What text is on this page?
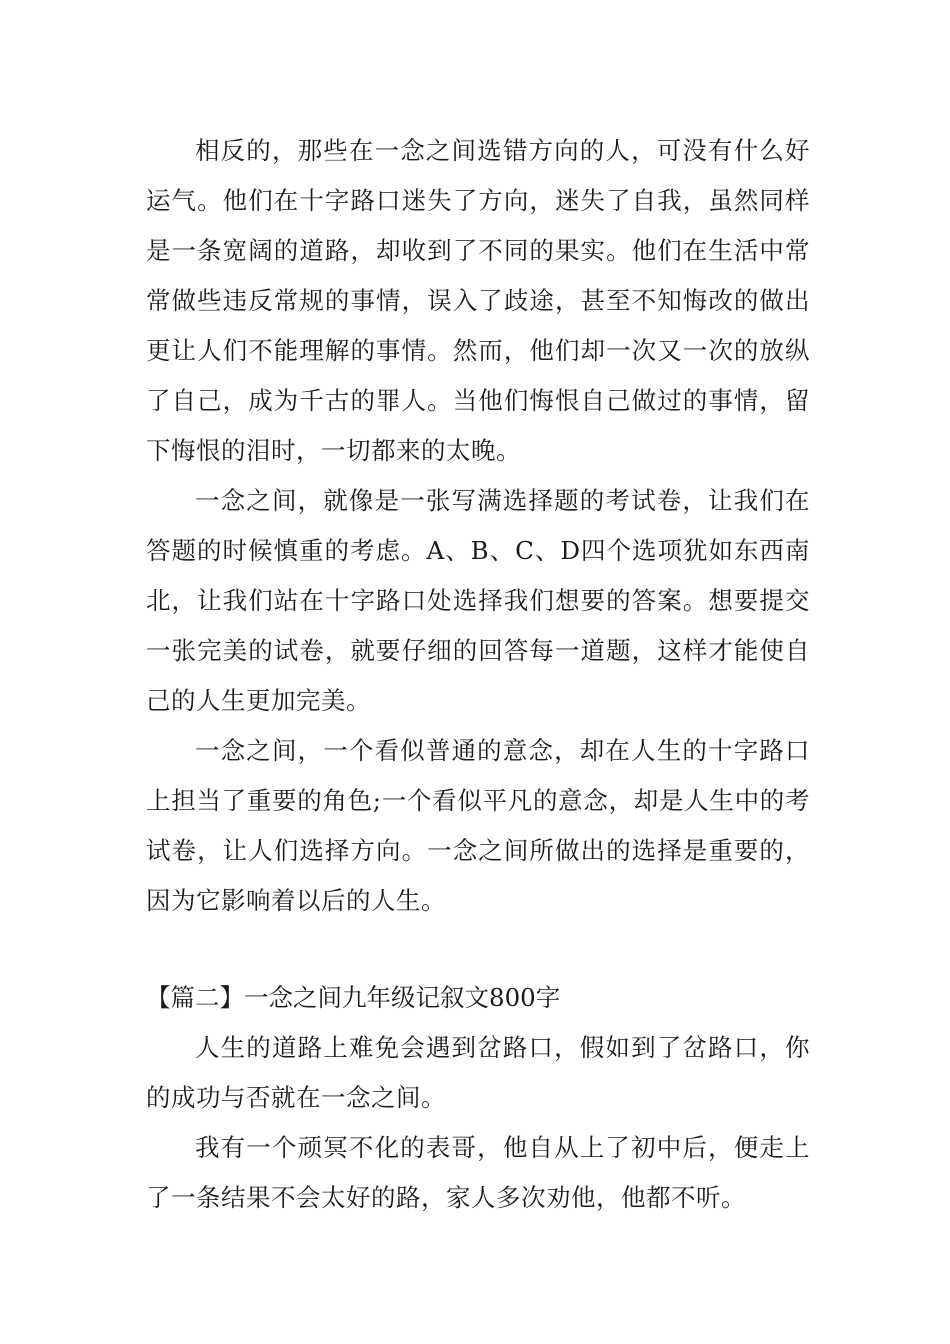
相反的，那些在一念之间选错方向的人，可没有什么好运气。他们在十字路口迷失了方向，迷失了自我，虽然同样是一条宽阔的道路，却收到了不同的果实。他们在生活中常常做些违反常规的事情，误入了歧途，甚至不知悔改的做出更让人们不能理解的事情。然而，他们却一次又一次的放纵了自己，成为千古的罪人。当他们悔恨自己做过的事情，留下悔恨的泪时，一切都来的太晚。

一念之间，就像是一张写满选择题的考试卷，让我们在答题的时候慎重的考虑。A、B、C、D四个选项犹如东西南北，让我们站在十字路口处选择我们想要的答案。想要提交一张完美的试卷，就要仔细的回答每一道题，这样才能使自己的人生更加完美。

一念之间，一个看似普通的意念，却在人生的十字路口上担当了重要的角色;一个看似平凡的意念，却是人生中的考试卷，让人们选择方向。一念之间所做出的选择是重要的，因为它影响着以后的人生。

【篇二】一念之间九年级记叙文800字

人生的道路上难免会遇到岔路口，假如到了岔路口，你的成功与否就在一念之间。

我有一个顽冥不化的表哥，他自从上了初中后，便走上了一条结果不会太好的路，家人多次劝他，他都不听。
